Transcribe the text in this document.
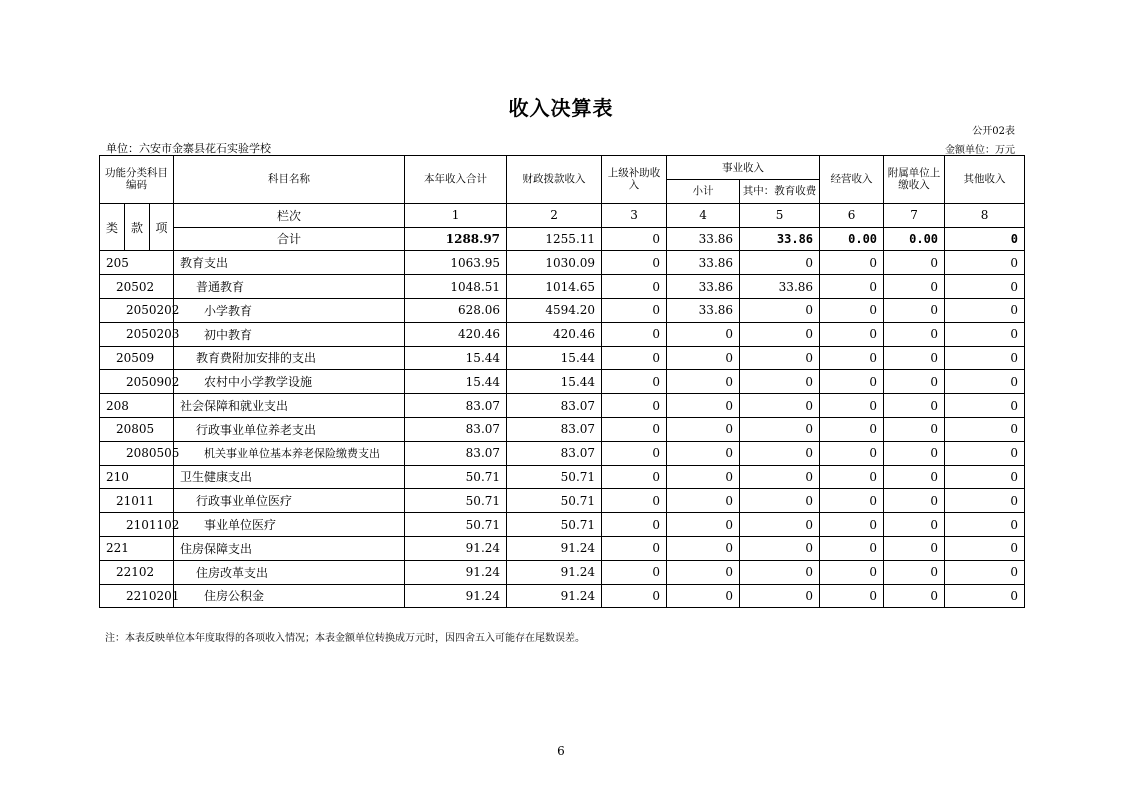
收入决算表
公开02表
单位：六安市金寨县花石实验学校	金额单位：万元
功能分类科目编码			科目名称	本年收入合计	财政拨款收入	上级补助收入	事业收入		经营收入	附属单位上缴收入	其他收入
							小计	其中：教育收费			
类	款	项	栏次	1	2	3	4	5	6	7	8
			合计	1288.97	1255.11	0	33.86	33.86	0.00	0.00	0
205			教育支出	1063.95	1030.09	0	33.86	0	0	0	0
20502			普通教育	1048.51	1014.65	0	33.86	33.86	0	0	0
2050202			小学教育	628.06	4594.20	0	33.86	0	0	0	0
2050203			初中教育	420.46	420.46	0	0	0	0	0	0
20509			教育费附加安排的支出	15.44	15.44	0	0	0	0	0	0
2050902			农村中小学教学设施	15.44	15.44	0	0	0	0	0	0
208			社会保障和就业支出	83.07	83.07	0	0	0	0	0	0
20805			行政事业单位养老支出	83.07	83.07	0	0	0	0	0	0
2080505			机关事业单位基本养老保险缴费支出	83.07	83.07	0	0	0	0	0	0
210			卫生健康支出	50.71	50.71	0	0	0	0	0	0
21011			行政事业单位医疗	50.71	50.71	0	0	0	0	0	0
2101102			事业单位医疗	50.71	50.71	0	0	0	0	0	0
221			住房保障支出	91.24	91.24	0	0	0	0	0	0
22102			住房改革支出	91.24	91.24	0	0	0	0	0	0
2210201			住房公积金	91.24	91.24	0	0	0	0	0	0
注：本表反映单位本年度取得的各项收入情况；本表金额单位转换成万元时，因四舍五入可能存在尾数误差。
6
